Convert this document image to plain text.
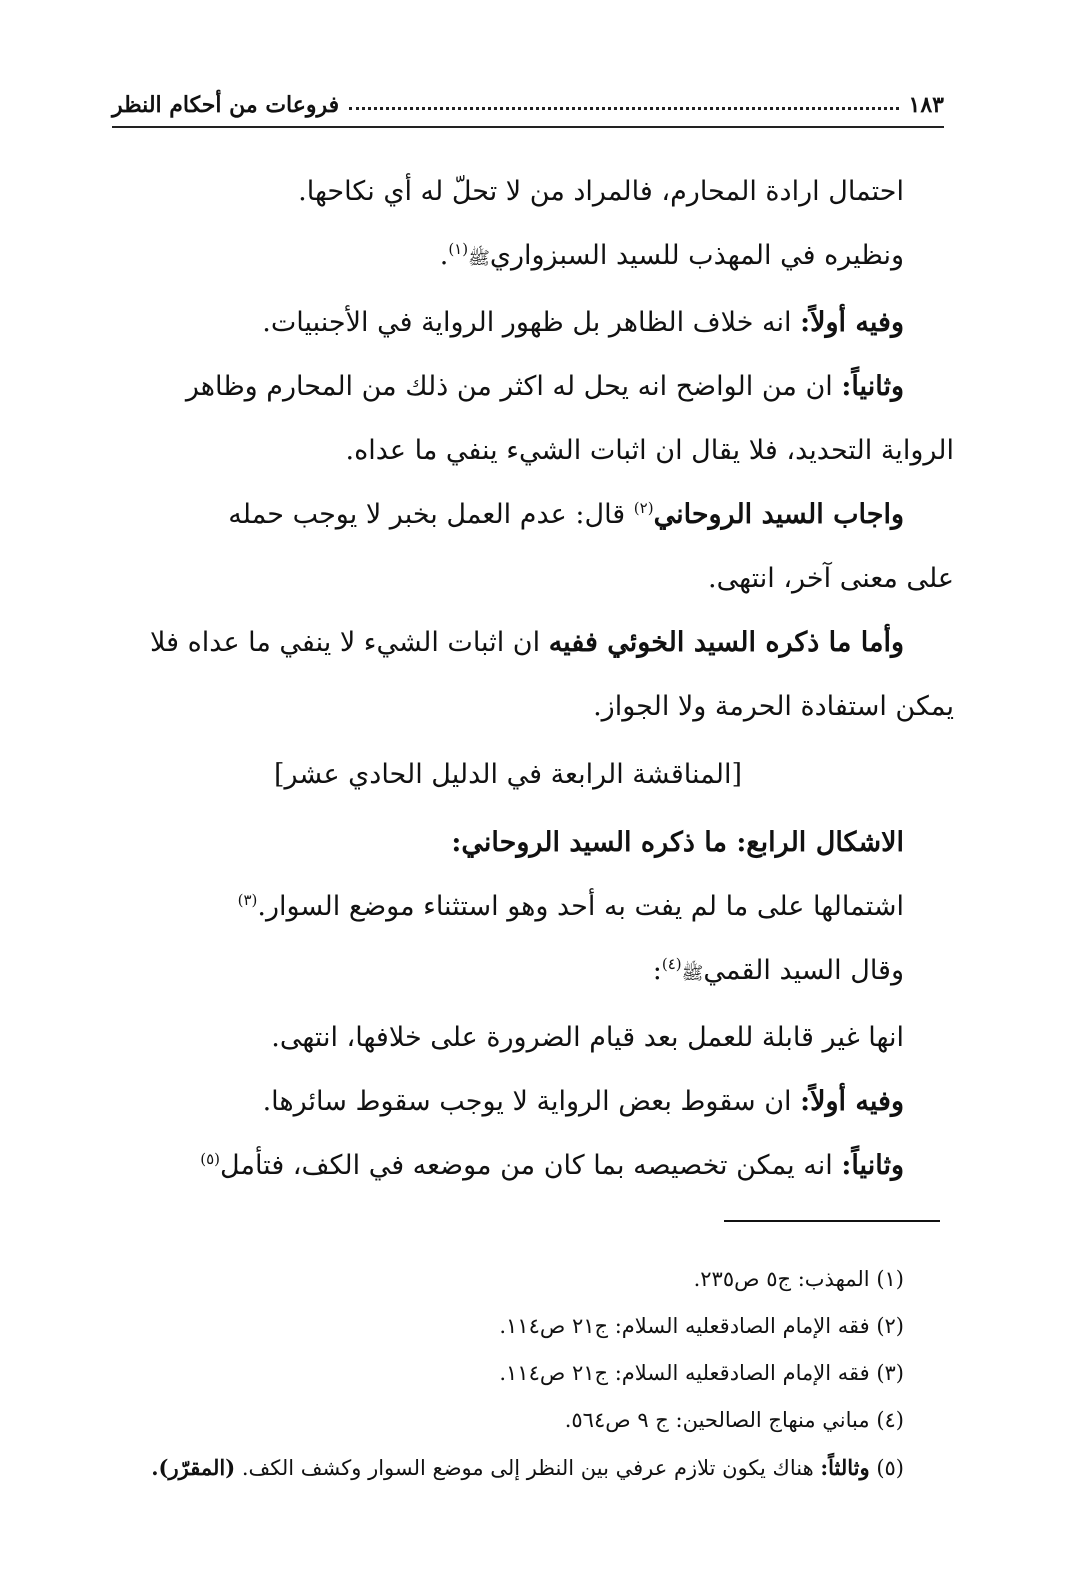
١٨٣
فروعات من أحكام النظر

احتمال ارادة المحارم، فالمراد من لا تحلّ له أي نكاحها.

ونظيره في المهذب للسيد السبزواريﷺ$^{(١)}$.

وفيه أولاً: انه خلاف الظاهر بل ظهور الرواية في الأجنبيات.

وثانياً: ان من الواضح انه يحل له اكثر من ذلك من المحارم وظاهر

الرواية التحديد، فلا يقال ان اثبات الشيء ينفي ما عداه.

واجاب السيد الروحاني$^{(٢)}$ قال: عدم العمل بخبر لا يوجب حمله

على معنى آخر، انتهى.

وأما ما ذكره السيد الخوئي ففيه ان اثبات الشيء لا ينفي ما عداه فلا

يمكن استفادة الحرمة ولا الجواز.

[المناقشة الرابعة في الدليل الحادي عشر]

الاشكال الرابع: ما ذكره السيد الروحاني:

اشتمالها على ما لم يفت به أحد وهو استثناء موضع السوار.$^{(٣)}$

وقال السيد القميﷺ$^{(٤)}$:

انها غير قابلة للعمل بعد قيام الضرورة على خلافها، انتهى.

وفيه أولاً: ان سقوط بعض الرواية لا يوجب سقوط سائرها.

وثانياً: انه يمكن تخصيصه بما كان من موضعه في الكف، فتأمل$^{(٥)}$

(١) المهذب: ج٥ ص٢٣٥.

(٢) فقه الإمام الصادقعليه السلام: ج٢١ ص١١٤.

(٣) فقه الإمام الصادقعليه السلام: ج٢١ ص١١٤.

(٤) مباني منهاج الصالحين: ج ٩ ص٥٦٤.

(٥) وثالثاً: هناك يكون تلازم عرفي بين النظر إلى موضع السوار وكشف الكف. (المقرّر).
